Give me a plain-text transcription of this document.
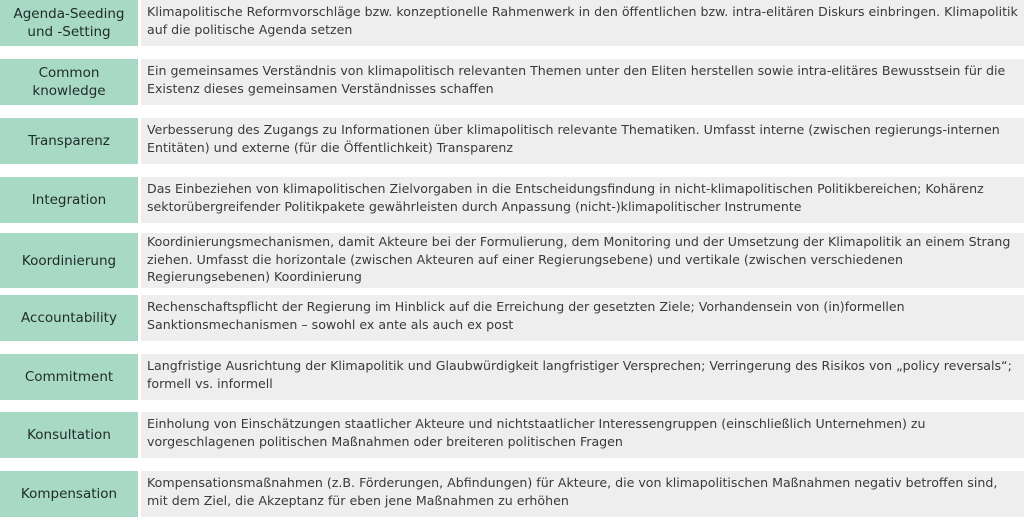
Agenda-Seeding und -Setting
Klimapolitische Reformvorschläge bzw. konzeptionelle Rahmenwerk in den öffentlichen bzw. intra-elitären Diskurs einbringen. Klimapolitik auf die politische Agenda setzen
Common knowledge
Ein gemeinsames Verständnis von klimapolitisch relevanten Themen unter den Eliten herstellen sowie intra-elitäres Bewusstsein für die Existenz dieses gemeinsamen Verständnisses schaffen
Transparenz
Verbesserung des Zugangs zu Informationen über klimapolitisch relevante Thematiken. Umfasst interne (zwischen regierungs-internen Entitäten) und externe (für die Öffentlichkeit) Transparenz
Integration
Das Einbeziehen von klimapolitischen Zielvorgaben in die Entscheidungsfindung in nicht-klimapolitischen Politikbereichen; Kohärenz sektorübergreifender Politikpakete gewährleisten durch Anpassung (nicht-)klimapolitischer Instrumente
Koordinierung
Koordinierungsmechanismen, damit Akteure bei der Formulierung, dem Monitoring und der Umsetzung der Klimapolitik an einem Strang ziehen. Umfasst die horizontale (zwischen Akteuren auf einer Regierungsebene) und vertikale (zwischen verschiedenen Regierungsebenen) Koordinierung
Accountability
Rechenschaftspflicht der Regierung im Hinblick auf die Erreichung der gesetzten Ziele; Vorhandensein von (in)formellen Sanktionsmechanismen – sowohl ex ante als auch ex post
Commitment
Langfristige Ausrichtung der Klimapolitik und Glaubwürdigkeit langfristiger Versprechen; Verringerung des Risikos von „policy reversals“; formell vs. informell
Konsultation
Einholung von Einschätzungen staatlicher Akteure und nichtstaatlicher Interessengruppen (einschließlich Unternehmen) zu vorgeschlagenen politischen Maßnahmen oder breiteren politischen Fragen
Kompensation
Kompensationsmaßnahmen (z.B. Förderungen, Abfindungen) für Akteure, die von klimapolitischen Maßnahmen negativ betroffen sind, mit dem Ziel, die Akzeptanz für eben jene Maßnahmen zu erhöhen
